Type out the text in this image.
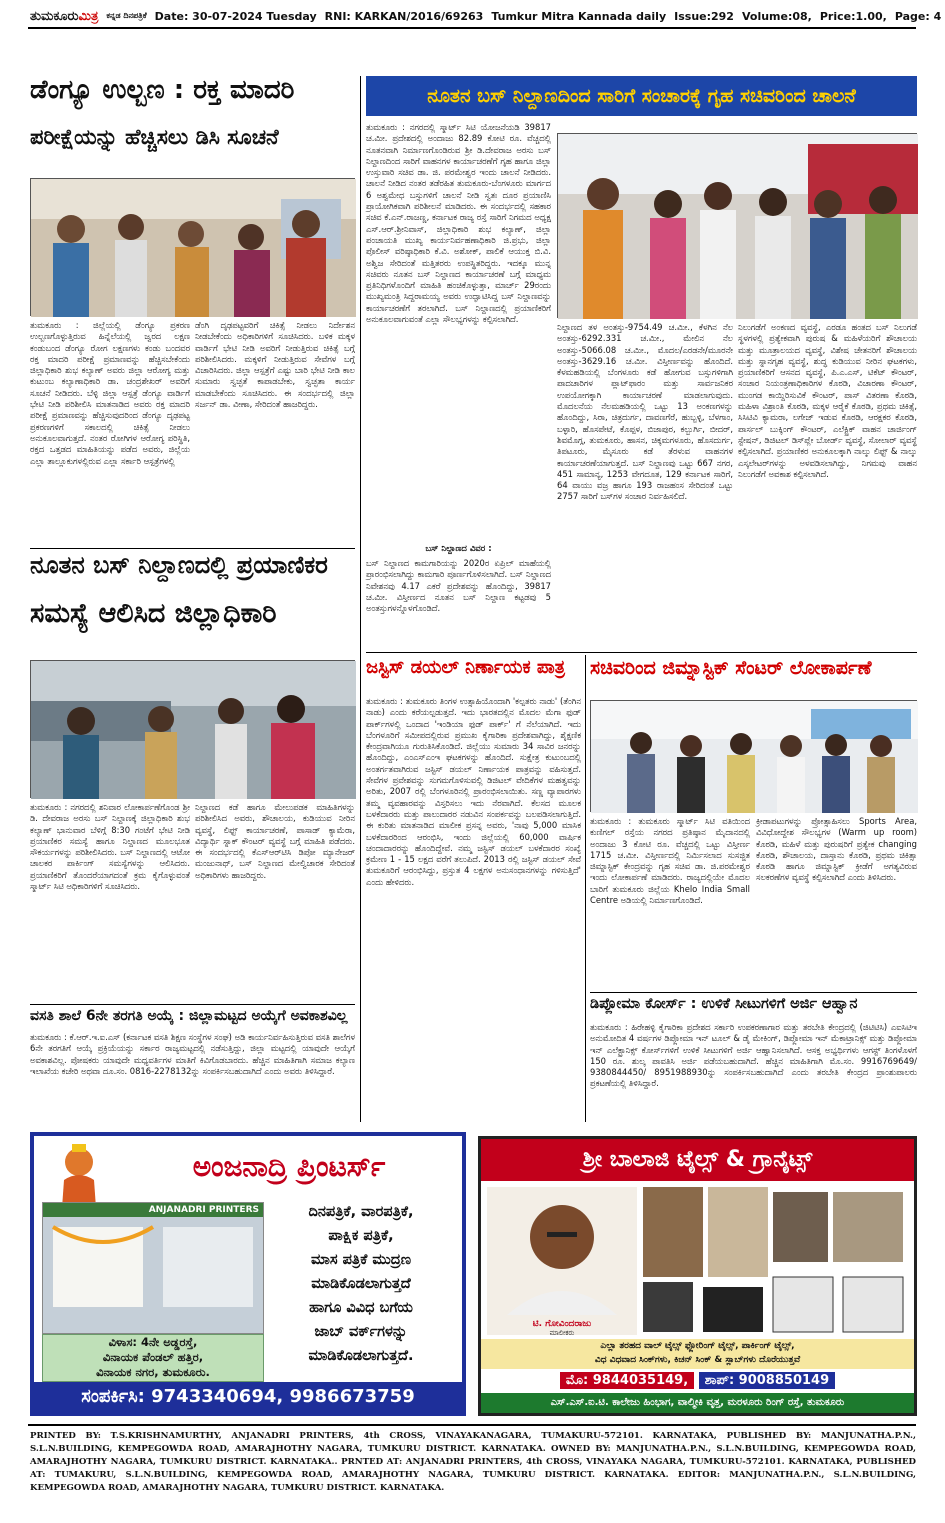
ತುಮಕೂರುಮಿತ್ರ ಕನ್ನಡ ದಿನಪತ್ರಿಕೆ Date: 30-07-2024 Tuesday RNI: KARKAN/2016/69263 Tumkur Mitra Kannada daily Issue:292 Volume:08, Price:1.00, Page: 4
ಡೆಂಗ್ಯೂ ಉಲ್ಬಣ : ರಕ್ತ ಮಾದರಿ
ಪರೀಕ್ಷೆಯನ್ನು ಹೆಚ್ಚಿಸಲು ಡಿಸಿ ಸೂಚನೆ
ತುಮಕೂರು : ಜಿಲ್ಲೆಯಲ್ಲಿ ಡೆಂಗ್ಯೂ ಪ್ರಕರಣ ಉಲ್ಬಣಗೊಳ್ಳುತ್ತಿರುವ ಹಿನ್ನೆಲೆಯಲ್ಲಿ ಜ್ವರದ ಲಕ್ಷಣ ಕಂಡುಬಂದ ಡೆಂಗ್ಯೂ ರೋಗ ಲಕ್ಷಣಗಳು ಕಂಡು ಬಂದವರ ರಕ್ತ ಮಾದರಿ ಪರೀಕ್ಷೆ ಪ್ರಮಾಣವನ್ನು ಹೆಚ್ಚಿಸಬೇಕೆಂದು ಜಿಲ್ಲಾಧಿಕಾರಿ ಶುಭ ಕಲ್ಯಾಣ್ ಅವರು ಜಿಲ್ಲಾ ಆರೋಗ್ಯ ಮತ್ತು ಕುಟುಂಬ ಕಲ್ಯಾಣಾಧಿಕಾರಿ ಡಾ. ಚಂದ್ರಶೇಖರ್ ಅವರಿಗೆ ಸೂಚನೆ ನೀಡಿದರು. ಬೆಳ್ಳಿ ಜಿಲ್ಲಾ ಆಸ್ಪತ್ರೆ ಡೆಂಗ್ಯೂ ವಾರ್ಡಿಗೆ ಭೇಟಿ ನೀಡಿ ಪರಿಶೀಲಿಸಿ ಮಾತನಾಡಿದ ಅವರು ರಕ್ತ ಮಾದರಿ ಪರೀಕ್ಷೆ ಪ್ರಮಾಣವನ್ನು ಹೆಚ್ಚಿಸುವುದರಿಂದ ಡೆಂಗ್ಯೂ ದೃಢಪಟ್ಟ ಪ್ರಕರಣಗಳಿಗೆ ಸಕಾಲದಲ್ಲಿ ಚಿಕಿತ್ಸೆ ನೀಡಲು ಅನುಕೂಲವಾಗುತ್ತದೆ. ನಂತರ ರೋಗಿಗಳ ಆರೋಗ್ಯ ಪರಿಸ್ಥಿತಿ, ರಕ್ತದ ಒತ್ತಡದ ಮಾಹಿತಿಯನ್ನು ಪಡೆದ ಅವರು, ಜಿಲ್ಲೆಯ ಎಲ್ಲಾ ತಾಲ್ಲೂಕುಗಳಲ್ಲಿರುವ ಎಲ್ಲಾ ಸರ್ಕಾರಿ ಆಸ್ಪತ್ರೆಗಳಲ್ಲಿ
ಡೆಂಗಿ ದೃಢಪಟ್ಟವರಿಗೆ ಚಿಕಿತ್ಸೆ ನೀಡಲು ನಿರ್ದೇಶನ ನೀಡಬೇಕೆಂದು ಅಧಿಕಾರಿಗಳಿಗೆ ಸೂಚಿಸಿದರು. ಬಳಿಕ ಮಕ್ಕಳ ವಾರ್ಡಿಗೆ ಭೇಟಿ ನೀಡಿ ಅವರಿಗೆ ನೀಡುತ್ತಿರುವ ಚಿಕಿತ್ಸೆ ಬಗ್ಗೆ ಪರಿಶೀಲಿಸಿದರು. ಮಕ್ಕಳಿಗೆ ನೀಡುತ್ತಿರುವ ಸೇವೆಗಳ ಬಗ್ಗೆ ವಿಚಾರಿಸಿದರು. ಜಿಲ್ಲಾ ಆಸ್ಪತ್ರೆಗೆ ಎಷ್ಟು ಬಾರಿ ಭೇಟಿ ನೀಡಿ ಕಾಲ ಸುಮಾರು ಸ್ವಚ್ಛತೆ ಕಾಪಾಡಬೇಕು, ಸ್ವಚ್ಛತಾ ಕಾರ್ಯ ಮಾಡಬೇಕೆಂದು ಸೂಚಿಸಿದರು. ಈ ಸಂದರ್ಭದಲ್ಲಿ ಜಿಲ್ಲಾ ಸರ್ಜನ್ ಡಾ. ವೀಣಾ, ಸೇರಿದಂತೆ ಹಾಜರಿದ್ದರು.
ನೂತನ ಬಸ್ ನಿಲ್ದಾಣದಲ್ಲಿ ಪ್ರಯಾಣಿಕರ
ಸಮಸ್ಯೆ ಆಲಿಸಿದ ಜಿಲ್ಲಾಧಿಕಾರಿ
ತುಮಕೂರು : ನಗರದಲ್ಲಿ ಶನಿವಾರ ಲೋಕಾರ್ಪಣೆಗೊಂಡ ಶ್ರೀ ಡಿ. ದೇವರಾಜ ಅರಸು ಬಸ್ ನಿಲ್ದಾಣಕ್ಕೆ ಜಿಲ್ಲಾಧಿಕಾರಿ ಶುಭ ಕಲ್ಯಾಣ್ ಭಾನುವಾರ ಬೆಳಿಗ್ಗೆ 8:30 ಗಂಟೆಗೆ ಭೇಟಿ ನೀಡಿ ಪ್ರಯಾಣಿಕರ ಸಮಸ್ಯೆ ಹಾಗೂ ನಿಲ್ದಾಣದ ಮೂಲಭೂತ ಸೌಕರ್ಯಗಳನ್ನು ಪರಿಶೀಲಿಸಿದರು. ಬಸ್ ನಿಲ್ದಾಣದಲ್ಲಿ ಆಟೋ ಚಾಲಕರ ಪಾರ್ಕಿಂಗ್ ಸಮಸ್ಯೆಗಳನ್ನು ಆಲಿಸಿದರು. ಪ್ರಯಾಣಿಕರಿಗೆ ತೊಂದರೆಯಾಗದಂತೆ ಕ್ರಮ ಕೈಗೊಳ್ಳುವಂತೆ ಸ್ಮಾರ್ಟ್ ಸಿಟಿ ಅಧಿಕಾರಿಗಳಿಗೆ ಸೂಚಿಸಿದರು.
ನಿಲ್ದಾಣದ ಕಡೆ ಹಾಗೂ ಮೇಲುಪಡಕ ಮಾಹಿತಿಗಳನ್ನು ಪರಿಶೀಲಿಸಿದ ಅವರು, ಶೌಚಾಲಯ, ಕುಡಿಯುವ ನೀರಿನ ವ್ಯವಸ್ಥೆ, ಲಿಫ್ಟ್ ಕಾರ್ಯಾಚರಣೆ, ಪಾಸಾಡ್ ಕ್ಯಾಮೆರಾ, ವಿದ್ಯಾರ್ಥಿ ಸ್ನಾಕ್ ಕೌಂಟರ್ ವ್ಯವಸ್ಥೆ ಬಗ್ಗೆ ಮಾಹಿತಿ ಪಡೆದರು. ಈ ಸಂದರ್ಭದಲ್ಲಿ ಕೆಎಸ್‌ಆರ್‌ಟಿಸಿ ಡಿಪೋ ಮ್ಯಾನೇಜರ್ ಮಂಜುನಾಥ್, ಬಸ್ ನಿಲ್ದಾಣದ ಮೇಲ್ವಿಚಾರಕ ಸೇರಿದಂತೆ ಅಧಿಕಾರಿಗಳು ಹಾಜರಿದ್ದರು.
ವಸತಿ ಶಾಲೆ 6ನೇ ತರಗತಿ ಅಯ್ಕೆ : ಜಿಲ್ಲಾಮಟ್ಟದ ಅಯ್ಕೆಗೆ ಅವಕಾಶವಿಲ್ಲ
ತುಮಕೂರು : ಕೆ.ಆರ್.ಇ.ಐ.ಎಸ್ (ಕರ್ನಾಟಕ ವಸತಿ ಶಿಕ್ಷಣ ಸಂಸ್ಥೆಗಳ ಸಂಘ) ಅಡಿ ಕಾರ್ಯನಿರ್ವಹಿಸುತ್ತಿರುವ ವಸತಿ ಶಾಲೆಗಳ 6ನೇ ತರಗತಿಗೆ ಆಯ್ಕೆ ಪ್ರಕ್ರಿಯೆಯನ್ನು ಸರ್ಕಾರ ರಾಜ್ಯಮಟ್ಟದಲ್ಲಿ ನಡೆಸುತ್ತಿದ್ದು, ಜಿಲ್ಲಾ ಮಟ್ಟದಲ್ಲಿ ಯಾವುದೇ ಆಯ್ಕೆಗೆ ಅವಕಾಶವಿಲ್ಲ. ಪೋಷಕರು ಯಾವುದೇ ಮಧ್ಯವರ್ತಿಗಳ ಮಾತಿಗೆ ಕಿವಿಗೊಡಬಾರದು. ಹೆಚ್ಚಿನ ಮಾಹಿತಿಗಾಗಿ ಸಮಾಜ ಕಲ್ಯಾಣ ಇಲಾಖೆಯ ಕಚೇರಿ ಅಥವಾ ದೂ.ಸಂ. 0816-2278132ನ್ನು ಸಂಪರ್ಕಿಸಬಹುದಾಗಿದೆ ಎಂದು ಅವರು ತಿಳಿಸಿದ್ದಾರೆ.
ನೂತನ ಬಸ್ ನಿಲ್ದಾಣದಿಂದ ಸಾರಿಗೆ ಸಂಚಾರಕ್ಕೆ ಗೃಹ ಸಚಿವರಿಂದ ಚಾಲನೆ
ತುಮಕೂರು : ನಗರದಲ್ಲಿ ಸ್ಮಾರ್ಟ್ ಸಿಟಿ ಯೋಜನೆಯಡಿ 39817 ಚ.ಮೀ. ಪ್ರದೇಶದಲ್ಲಿ ಅಂದಾಜು 82.89 ಕೋಟಿ ರೂ. ವೆಚ್ಚದಲ್ಲಿ ನೂತನವಾಗಿ ನಿರ್ಮಾಣಗೊಂಡಿರುವ ಶ್ರೀ ಡಿ.ದೇವರಾಜ ಅರಸು ಬಸ್ ನಿಲ್ದಾಣದಿಂದ ಸಾರಿಗೆ ವಾಹನಗಳ ಕಾರ್ಯಾಚರಣೆಗೆ ಗೃಹ ಹಾಗೂ ಜಿಲ್ಲಾ ಉಸ್ತುವಾರಿ ಸಚಿವ ಡಾ. ಜಿ. ಪರಮೇಶ್ವರ ಇಂದು ಚಾಲನೆ ನೀಡಿದರು. ಚಾಲನೆ ನೀಡಿದ ನಂತರ ತಡೆರಹಿತ ತುಮಕೂರು-ಬೆಂಗಳೂರು ಮಾರ್ಗದ 6 ಅಶ್ವಮೇಧ ಬಸ್ಸುಗಳಿಗೆ ಚಾಲನೆ ನೀಡಿ ಸ್ವತಃ ದೂರ ಪ್ರಯಾಣಿಸಿ ಪ್ರಾಯೋಗಿಕವಾಗಿ ಪರಿಶೀಲನೆ ಮಾಡಿದರು. ಈ ಸಂದರ್ಭದಲ್ಲಿ ಸಹಕಾರ ಸಚಿವ ಕೆ.ಎನ್.ರಾಜಣ್ಣ, ಕರ್ನಾಟಕ ರಾಜ್ಯ ರಸ್ತೆ ಸಾರಿಗೆ ನಿಗಮದ ಅಧ್ಯಕ್ಷ ಎಸ್.ಆರ್.ಶ್ರೀನಿವಾಸ್, ಜಿಲ್ಲಾಧಿಕಾರಿ ಶುಭ ಕಲ್ಯಾಣ್, ಜಿಲ್ಲಾ ಪಂಚಾಯತಿ ಮುಖ್ಯ ಕಾರ್ಯನಿರ್ವಹಣಾಧಿಕಾರಿ ಜಿ.ಪ್ರಭು, ಜಿಲ್ಲಾ ಪೊಲೀಸ್ ವರಿಷ್ಠಾಧಿಕಾರಿ ಕೆ.ವಿ. ಅಶೋಕ್, ಪಾಲಿಕೆ ಆಯುಕ್ತ ಬಿ.ವಿ. ಅಶ್ವಿಜ ಸೇರಿದಂತೆ ಮತ್ತಿತರರು ಉಪಸ್ಥಿತರಿದ್ದರು. ಇದಕ್ಕೂ ಮುನ್ನ ಸಚಿವರು ನೂತನ ಬಸ್ ನಿಲ್ದಾಣದ ಕಾರ್ಯಾಚರಣೆ ಬಗ್ಗೆ ಮಾಧ್ಯಮ ಪ್ರತಿನಿಧಿಗಳೊಂದಿಗೆ ಮಾಹಿತಿ ಹಂಚಿಕೊಳ್ಳುತ್ತಾ, ಮಾರ್ಚ್ 29ರಂದು ಮುಖ್ಯಮಂತ್ರಿ ಸಿದ್ದರಾಮಯ್ಯ ಅವರು ಉದ್ಘಾಟಿಸಿದ್ದ ಬಸ್ ನಿಲ್ದಾಣವನ್ನು ಕಾರ್ಯಾಚರಣೆಗೆ ತರಲಾಗಿದೆ. ಬಸ್ ನಿಲ್ದಾಣದಲ್ಲಿ ಪ್ರಯಾಣಿಕರಿಗೆ ಅನುಕೂಲವಾಗುವಂತೆ ಎಲ್ಲಾ ಸೌಲಭ್ಯಗಳನ್ನು ಕಲ್ಪಿಸಲಾಗಿದೆ.
ಬಸ್ ನಿಲ್ದಾಣದ ವಿವರ :
ಬಸ್ ನಿಲ್ದಾಣದ ಕಾಮಗಾರಿಯನ್ನು 2020ರ ಏಪ್ರಿಲ್ ಮಾಹೆಯಲ್ಲಿ ಪ್ರಾರಂಭಿಸಲಾಗಿದ್ದು ಕಾಮಗಾರಿ ಪೂರ್ಣಗೊಳಿಸಲಾಗಿದೆ. ಬಸ್ ನಿಲ್ದಾಣದ ನಿವೇಶನವು 4.17 ಎಕರೆ ಪ್ರದೇಶವನ್ನು ಹೊಂದಿದ್ದು, 39817 ಚ.ಮೀ. ವಿಸ್ತೀರ್ಣದ ನೂತನ ಬಸ್ ನಿಲ್ದಾಣ ಕಟ್ಟಡವು 5 ಅಂತಸ್ತುಗಳನ್ನೊಳಗೊಂಡಿದೆ.
ನಿಲ್ದಾಣದ ತಳ ಅಂತಸ್ತು-9754.49 ಚ.ಮೀ., ಕೆಳಗಿನ ನೆಲ ಅಂತಸ್ತು-6292.331 ಚ.ಮೀ., ಮೇಲಿನ ನೆಲ ಅಂತಸ್ತು-5066.08 ಚ.ಮೀ., ಮೊದಲ/ಎರಡನೇ/ಮೂರನೇ ಅಂತಸ್ತು-3629.16 ಚ.ಮೀ. ವಿಸ್ತೀರ್ಣವನ್ನು ಹೊಂದಿದೆ. ಕೆಳಮಹಡಿಯಲ್ಲಿ ಬೆಂಗಳೂರು ಕಡೆ ಹೋಗುವ ಬಸ್ಸುಗಳಿಗಾಗಿ ಪಾದಚಾರಿಗಳ ಪ್ಲಾಟ್‌ಫಾರಂ ಮತ್ತು ಸಾರ್ವಜನಿಕರ ಉಪಯೋಗಕ್ಕಾಗಿ ಕಾರ್ಯಾಚರಣೆ ಮಾಡಲಾಗುವುದು. ಮೊದಲನೆಯ ನೆಲಮಹಡಿಯಲ್ಲಿ ಒಟ್ಟು 13 ಅಂಕಣಗಳನ್ನು ಹೊಂದಿದ್ದು, ಸಿರಾ, ಚಿತ್ರದುರ್ಗ, ದಾವಣಗೆರೆ, ಹುಬ್ಬಳ್ಳಿ, ಬೆಳಗಾಂ, ಬಳ್ಳಾರಿ, ಹೊಸಪೇಟೆ, ಕೊಪ್ಪಳ, ಬಿಜಾಪುರ, ಕಲ್ಬುರ್ಗಿ, ಬೀದರ್, ಶಿವಮೊಗ್ಗ, ತುಮಕೂರು, ಹಾಸನ, ಚಿಕ್ಕಮಗಳೂರು, ಹೊಸದುರ್ಗ, ತಿಪಟೂರು, ಮೈಸೂರು ಕಡೆ ತೆರಳುವ ವಾಹನಗಳ ಕಾರ್ಯಾಚರಣೆಯಾಗುತ್ತದೆ. ಬಸ್ ನಿಲ್ದಾಣವು ಒಟ್ಟು 667 ನಗರ, 451 ಸಾಮಾನ್ಯ, 1253 ವೇಗದೂತ, 129 ಕರ್ನಾಟಕ ಸಾರಿಗೆ, 64 ವಾಯು ವಜ್ರ ಹಾಗೂ 193 ರಾಜಹಂಸ ಸೇರಿದಂತೆ ಒಟ್ಟು 2757 ಸಾರಿಗೆ ಬಸ್‌ಗಳ ಸಂಚಾರ ನಿರ್ವಹಿಸಲಿದೆ.
ನಿಲುಗಡೆಗೆ ಅಂಕಣದ ವ್ಯವಸ್ಥೆ, ಎರಡೂ ಹಂತದ ಬಸ್ ನಿಲುಗಡೆ ಸ್ಥಳಗಳಲ್ಲಿ ಪ್ರತ್ಯೇಕವಾಗಿ ಪುರುಷ & ಮಹಿಳೆಯರಿಗೆ ಶೌಚಾಲಯ ಮತ್ತು ಮೂತ್ರಾಲಯದ ವ್ಯವಸ್ಥೆ, ವಿಶೇಷ ಚೇತನರಿಗೆ ಶೌಚಾಲಯ ಮತ್ತು ಸ್ನಾನಗೃಹ ವ್ಯವಸ್ಥೆ, ಶುದ್ಧ ಕುಡಿಯುವ ನೀರಿನ ಘಟಕಗಳು, ಪ್ರಯಾಣಿಕರಿಗೆ ಆಸನದ ವ್ಯವಸ್ಥೆ, ಪಿ.ಎ.ಎಸ್, ಟಿಕೆಟ್ ಕೌಂಟರ್, ಸಂಚಾರ ನಿಯಂತ್ರಣಾಧಿಕಾರಿಗಳ ಕೊಠಡಿ, ವಿಚಾರಣಾ ಕೌಂಟರ್, ಮುಂಗಡ ಕಾಯ್ದಿರಿಸುವಿಕೆ ಕೌಂಟರ್, ಪಾಸ್ ವಿತರಣಾ ಕೊಠಡಿ, ಮಹಿಳಾ ವಿಶ್ರಾಂತಿ ಕೊಠಡಿ, ಮಕ್ಕಳ ಆರೈಕೆ ಕೊಠಡಿ, ಪ್ರಥಮ ಚಿಕಿತ್ಸೆ, ಸಿಸಿಟಿವಿ ಕ್ಯಾಮರಾ, ಲಗೇಜ್ ಇಡುವ ಕೊಠಡಿ, ಆರಕ್ಷಕರ ಕೊಠಡಿ, ಪಾರ್ಸಲ್ ಬುಕ್ಕಿಂಗ್ ಕೌಂಟರ್, ಎಲೆಕ್ಟ್ರಿಕ್ ವಾಹನ ಚಾರ್ಜಿಂಗ್ ಸ್ಟೇಷನ್, ಡಿಜಿಟಲ್ ಡಿಸ್‌ಪ್ಲೇ ಬೋರ್ಡ್ ವ್ಯವಸ್ಥೆ, ಸೋಲಾರ್ ವ್ಯವಸ್ಥೆ ಕಲ್ಪಿಸಲಾಗಿದೆ. ಪ್ರಯಾಣಿಕರ ಅನುಕೂಲಕ್ಕಾಗಿ ನಾಲ್ಕು ಲಿಫ್ಟ್ & ನಾಲ್ಕು ಎಸ್ಕಲೇಟರ್‌ಗಳನ್ನು ಅಳವಡಿಸಲಾಗಿದ್ದು, ನಿಗಮವು ವಾಹನ ನಿಲುಗಡೆಗೆ ಅವಕಾಶ ಕಲ್ಪಿಸಲಾಗಿದೆ.
ಜಸ್ಟಿಸ್ ಡಯಲ್ ನಿರ್ಣಾಯಕ ಪಾತ್ರ
ತುಮಕೂರು : ತುಮಕೂರು ತಿಂಗಳ ಉತ್ಸಾಹಿಯೊಂದಾಗಿ 'ಕಲ್ಪತರು ನಾಡು' (ತೆಂಗಿನ ನಾಡು) ಎಂದು ಕರೆಯಲ್ಪಡುತ್ತದೆ. ಇದು ಭಾರತದಲ್ಲಿನ ಮೊದಲ ಮೆಗಾ ಫುಡ್ ಪಾರ್ಕ್‌ಗಳಲ್ಲಿ ಒಂದಾದ 'ಇಂಡಿಯಾ ಫುಡ್ ಪಾರ್ಕ್' ಗೆ ನೆಲೆಯಾಗಿದೆ. ಇದು ಬೆಂಗಳೂರಿಗೆ ಸಮೀಪದಲ್ಲಿರುವ ಪ್ರಮುಖ ಕೈಗಾರಿಕಾ ಪ್ರದೇಶವಾಗಿದ್ದು, ಶೈಕ್ಷಣಿಕ ಕೇಂದ್ರವಾಗಿಯೂ ಗುರುತಿಸಿಕೊಂಡಿದೆ. ಜಿಲ್ಲೆಯು ಸುಮಾರು 34 ಸಾವಿರ ಜನರನ್ನು ಹೊಂದಿದ್ದು, ಎಂಎಸ್‌ಎಂಇ ಘಟಕಗಳನ್ನು ಹೊಂದಿದೆ. ಸುಕ್ಷೇತ್ರ ಕುಟುಂಬದಲ್ಲಿ ಅಂತರ್ಗತವಾಗಿರುವ ಜಸ್ಟಿಸ್ ಡಯಲ್ ನಿರ್ಣಾಯಕ ಪಾತ್ರವನ್ನು ವಹಿಸುತ್ತದೆ. ಸೇವೆಗಳ ಪ್ರವೇಶವನ್ನು ಸುಗಮಗೊಳಿಸುವಲ್ಲಿ ಡಿಜಿಟಲ್ ವೇದಿಕೆಗಳ ಮಹತ್ವವನ್ನು ಅರಿತು, 2007 ರಲ್ಲಿ ಬೆಂಗಳೂರಿನಲ್ಲಿ ಪ್ರಾರಂಭಿಸಲಾಯಿತು. ಸಣ್ಣ ವ್ಯಾಪಾರಗಳು ತಮ್ಮ ವ್ಯವಹಾರವನ್ನು ವಿಸ್ತರಿಸಲು ಇದು ನೆರವಾಗಿದೆ. ಕೆಲಸದ ಮೂಲಕ ಬಳಕೆದಾರರು ಮತ್ತು ಪಾಲುದಾರರ ನಡುವಿನ ಸಂಪರ್ಕವನ್ನು ಬಲಪಡಿಸಲಾಗುತ್ತಿದೆ. ಈ ಕುರಿತು ಮಾತನಾಡಿದ ಮಾಲೀಕ ಪ್ರಸನ್ನ ಅವರು, 'ನಾವು 5,000 ಮಾಸಿಕ ಬಳಕೆದಾರರಿಂದ ಆರಂಭಿಸಿ, ಇಂದು ಜಿಲ್ಲೆಯಲ್ಲಿ 60,000 ವಾರ್ಷಿಕ ಚಂದಾದಾರರನ್ನು ಹೊಂದಿದ್ದೇವೆ. ನಮ್ಮ ಜಸ್ಟಿಸ್ ಡಯಲ್ ಬಳಕೆದಾರರ ಸಂಖ್ಯೆ ಕ್ರಮೇಣ 1 - 15 ಲಕ್ಷದ ವರೆಗೆ ತಲುಪಿದೆ. 2013 ರಲ್ಲಿ ಜಸ್ಟಿಸ್ ಡಯಲ್ ಸೇವೆ ತುಮಕೂರಿಗೆ ಆರಂಭಿಸಿದ್ದು, ಪ್ರಸ್ತುತ 4 ಲಕ್ಷಗಳ ಅನುಸಂಧಾನಗಳನ್ನು ಗಳಿಸುತ್ತಿದೆ' ಎಂದು ಹೇಳಿದರು.
ಸಚಿವರಿಂದ ಜಿಮ್ನಾಸ್ಟಿಕ್ ಸೆಂಟರ್ ಲೋಕಾರ್ಪಣೆ
ತುಮಕೂರು : ತುಮಕೂರು ಸ್ಮಾರ್ಟ್ ಸಿಟಿ ವತಿಯಿಂದ ಕುಣಿಗಲ್ ರಸ್ತೆಯ ನಗರದ ಪ್ರತಿಷ್ಠಾನ ಮೈದಾನದಲ್ಲಿ ಅಂದಾಜು 3 ಕೋಟಿ ರೂ. ವೆಚ್ಚದಲ್ಲಿ ಒಟ್ಟು ವಿಸ್ತೀರ್ಣ 1715 ಚ.ಮೀ. ವಿಸ್ತೀರ್ಣದಲ್ಲಿ ನಿರ್ಮಿಸಲಾದ ಸುಸಜ್ಜಿತ ಜಿಮ್ನಾಸ್ಟಿಕ್ ಕೇಂದ್ರವನ್ನು ಗೃಹ ಸಚಿವ ಡಾ. ಜಿ.ಪರಮೇಶ್ವರ ಇಂದು ಲೋಕಾರ್ಪಣೆ ಮಾಡಿದರು. ರಾಜ್ಯದಲ್ಲಿಯೇ ಮೊದಲ ಬಾರಿಗೆ ತುಮಕೂರು ಜಿಲ್ಲೆಯ Khelo India Small Centre ಅಡಿಯಲ್ಲಿ ನಿರ್ಮಾಣಗೊಂಡಿದೆ.
ಕ್ರೀಡಾಪಟುಗಳನ್ನು ಪ್ರೋತ್ಸಾಹಿಸಲು Sports Area, ವಿವಿಧೋದ್ದೇಶ ಸೌಲಭ್ಯಗಳ (Warm up room) ಕೊಠಡಿ, ಮಹಿಳೆ ಮತ್ತು ಪುರುಷರಿಗೆ ಪ್ರತ್ಯೇಕ changing ಕೊಠಡಿ, ಶೌಚಾಲಯ, ದಾಸ್ತಾನು ಕೊಠಡಿ, ಪ್ರಥಮ ಚಿಕಿತ್ಸಾ ಕೊಠಡಿ ಹಾಗೂ ಜಿಮ್ನಾಸ್ಟಿಕ್ ಕ್ರೀಡೆಗೆ ಅಗತ್ಯವಿರುವ ಸಲಕರಣೆಗಳ ವ್ಯವಸ್ಥೆ ಕಲ್ಪಿಸಲಾಗಿದೆ ಎಂದು ತಿಳಿಸಿದರು.
ಡಿಪ್ಲೋಮಾ ಕೋರ್ಸ್ : ಉಳಿಕೆ ಸೀಟುಗಳಿಗೆ ಅರ್ಜಿ ಆಹ್ವಾನ
ತುಮಕೂರು : ಹಿರೇಹಳ್ಳಿ ಕೈಗಾರಿಕಾ ಪ್ರದೇಶದ ಸರ್ಕಾರಿ ಉಪಕರಣಾಗಾರ ಮತ್ತು ತರಬೇತಿ ಕೇಂದ್ರದಲ್ಲಿ (ಜಿಟಿಟಿಸಿ) ಎಐಸಿಟಿಇ ಅನುಮೋದಿತ 4 ವರ್ಷಗಳ ಡಿಪ್ಲೋಮಾ ಇನ್ ಟೂಲ್ & ಡೈ ಮೇಕಿಂಗ್, ಡಿಪ್ಲೋಮಾ ಇನ್ ಮೆಕಾಟ್ರಾನಿಕ್ಸ್ ಮತ್ತು ಡಿಪ್ಲೋಮಾ ಇನ್ ಎಲೆಕ್ಟ್ರಾನಿಕ್ಸ್ ಕೋರ್ಸ್‌ಗಳಿಗೆ ಉಳಿಕೆ ಸೀಟುಗಳಿಗೆ ಅರ್ಜಿ ಆಹ್ವಾನಿಸಲಾಗಿದೆ. ಆಸಕ್ತ ಅಭ್ಯರ್ಥಿಗಳು ಆಗಸ್ಟ್ ತಿಂಗಳೊಳಗೆ 150 ರೂ. ಶುಲ್ಕ ಪಾವತಿಸಿ ಅರ್ಜಿ ಪಡೆಯಬಹುದಾಗಿದೆ. ಹೆಚ್ಚಿನ ಮಾಹಿತಿಗಾಗಿ ಮೊ.ಸಂ. 9916769649/ 9380844450/ 8951988930ನ್ನು ಸಂಪರ್ಕಿಸಬಹುದಾಗಿದೆ ಎಂದು ತರಬೇತಿ ಕೇಂದ್ರದ ಪ್ರಾಂಶುಪಾಲರು ಪ್ರಕಟಣೆಯಲ್ಲಿ ತಿಳಿಸಿದ್ದಾರೆ.
ಅಂಜನಾದ್ರಿ ಪ್ರಿಂಟರ್ಸ್
ANJANADRI PRINTERS	ದಿನಪತ್ರಿಕೆ, ವಾರಪತ್ರಿಕೆ,
ಪಾಕ್ಷಿಕ ಪತ್ರಿಕೆ,
ಮಾಸ ಪತ್ರಿಕೆ ಮುದ್ರಣ
ಮಾಡಿಕೊಡಲಾಗುತ್ತದೆ
ಹಾಗೂ ವಿವಿಧ ಬಗೆಯ
ಜಾಬ್ ವರ್ಕ್‌ಗಳನ್ನು
ಮಾಡಿಕೊಡಲಾಗುತ್ತದೆ.
ವಿಳಾಸ: 4ನೇ ಅಡ್ಡರಸ್ತೆ,
ವಿನಾಯಕ ಪೆಂಡಲ್ ಹತ್ತಿರ,
ವಿನಾಯಕ ನಗರ, ತುಮಕೂರು.
ಸಂಪರ್ಕಿಸಿ: 9743340694, 9986673759
ಶ್ರೀ ಬಾಲಾಜಿ ಟೈಲ್ಸ್ & ಗ್ರಾನೈಟ್ಸ್
ಟಿ. ಗೋವಿಂದರಾಜು
ಮಾಲೀಕರು
ಎಲ್ಲಾ ತರಹದ ವಾಲ್ ಟೈಲ್ಸ್ ಫ್ಲೋರಿಂಗ್ ಟೈಲ್ಸ್, ಪಾರ್ಕಿಂಗ್ ಟೈಲ್ಸ್,
ವಿಧ ವಿಧವಾದ ಸಿಂಕ್‌ಗಳು, ಕಿಚನ್ ಸಿಂಕ್ & ಸ್ಲಾಬ್‌ಗಳು ದೊರೆಯುತ್ತವೆ
ಮೊ: 9844035149, ಶಾಪ್: 9008850149
ಎಸ್.ಎಸ್.ಐ.ಟಿ. ಕಾಲೇಜು ಹಿಂಭಾಗ, ವಾಲ್ಮೀಕಿ ವೃತ್ತ, ಮರಳೂರು ರಿಂಗ್ ರಸ್ತೆ, ತುಮಕೂರು
PRINTED BY: T.S.KRISHNAMURTHY, ANJANADRI PRINTERS, 4th CROSS, VINAYAKANAGARA, TUMAKURU-572101. KARNATAKA, PUBLISHED BY: MANJUNATHA.P.N., S.L.N.BUILDING, KEMPEGOWDA ROAD, AMARAJHOTHY NAGARA, TUMKURU DISTRICT. KARNATAKA. OWNED BY: MANJUNATHA.P.N., S.L.N.BUILDING, KEMPEGOWDA ROAD, AMARAJHOTHY NAGARA, TUMKURU DISTRICT. KARNATAKA.. PRNTED AT: ANJANADRI PRINTERS, 4th CROSS, VINAYAKA NAGARA, TUMKURU-572101. KARNATAKA, PUBLISHED AT: TUMAKURU, S.L.N.BUILDING, KEMPEGOWDA ROAD, AMARAJHOTHY NAGARA, TUMKURU DISTRICT. KARNATAKA. EDITOR: MANJUNATHA.P.N., S.L.N.BUILDING, KEMPEGOWDA ROAD, AMARAJHOTHY NAGARA, TUMKURU DISTRICT. KARNATAKA.
